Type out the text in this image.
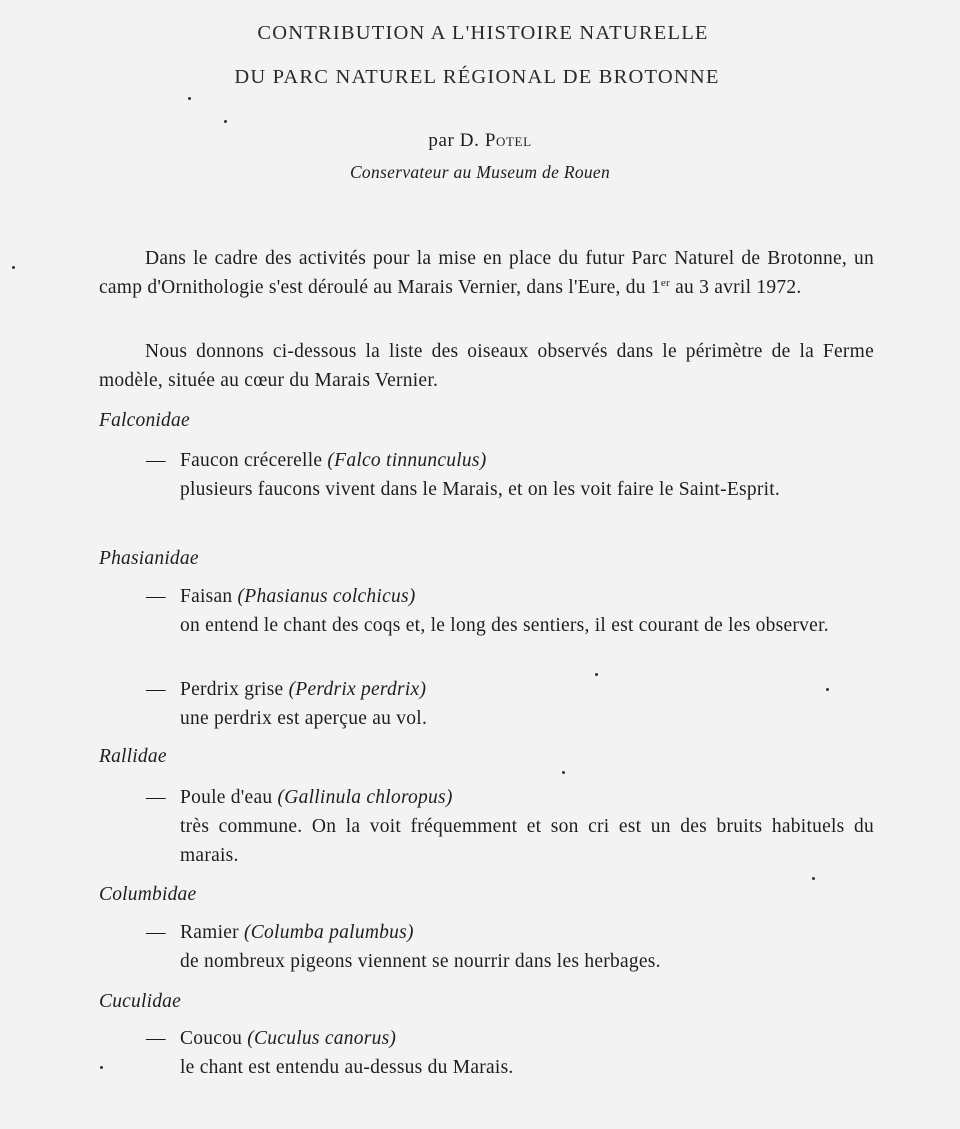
CONTRIBUTION A L'HISTOIRE NATURELLE
DU PARC NATUREL RÉGIONAL DE BROTONNE
par D. Potel
Conservateur au Museum de Rouen

Dans le cadre des activités pour la mise en place du futur Parc Naturel de Brotonne, un camp d'Ornithologie s'est déroulé au Marais Vernier, dans l'Eure, du 1er au 3 avril 1972.

Nous donnons ci-dessous la liste des oiseaux observés dans le périmètre de la Ferme modèle, située au cœur du Marais Vernier.

Falconidae
— Faucon crécerelle (Falco tinnunculus)
plusieurs faucons vivent dans le Marais, et on les voit faire le Saint-Esprit.
Phasianidae
— Faisan (Phasianus colchicus)
on entend le chant des coqs et, le long des sentiers, il est courant de les observer.
— Perdrix grise (Perdrix perdrix)
une perdrix est aperçue au vol.
Rallidae
— Poule d'eau (Gallinula chloropus)
très commune. On la voit fréquemment et son cri est un des bruits habituels du marais.
Columbidae
— Ramier (Columba palumbus)
de nombreux pigeons viennent se nourrir dans les herbages.
Cuculidae
— Coucou (Cuculus canorus)
le chant est entendu au-dessus du Marais.
